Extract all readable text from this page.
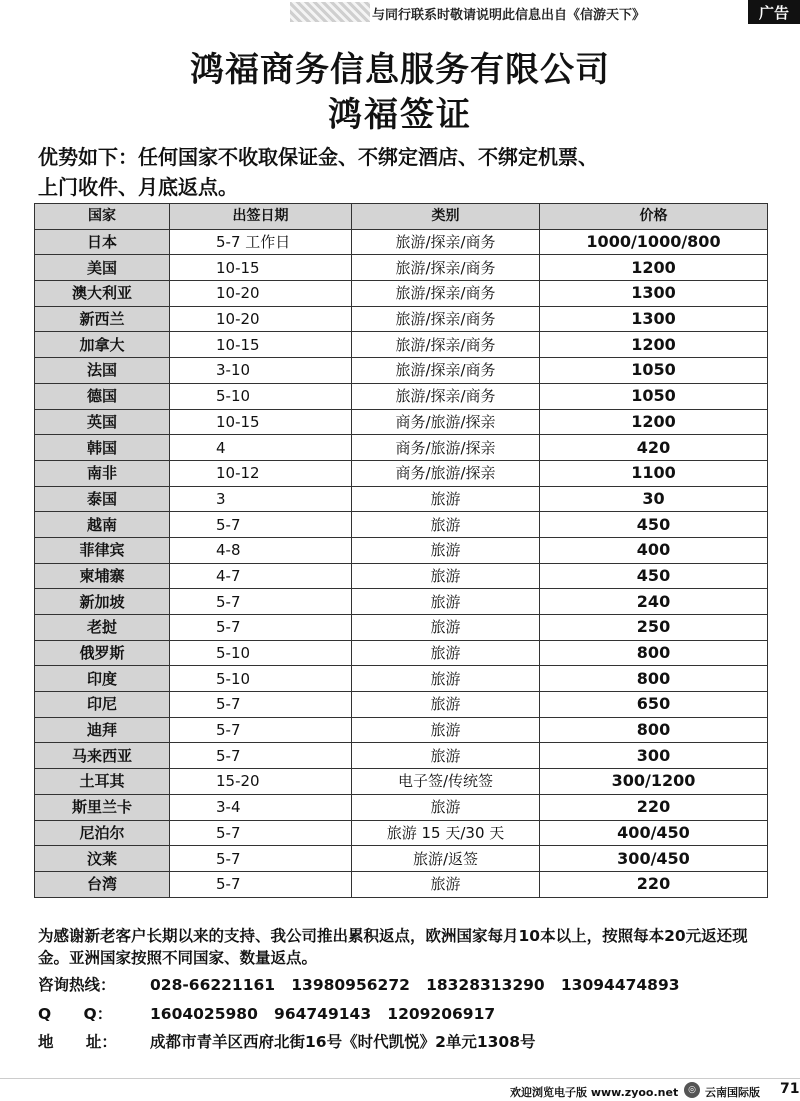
与同行联系时敬请说明此信息出自《信游天下》	广告
鸿福商务信息服务有限公司
鸿福签证
优势如下：任何国家不收取保证金、不绑定酒店、不绑定机票、
上门收件、月底返点。
国家	出签日期	类别	价格
日本	5-7 工作日	旅游/探亲/商务	1000/1000/800
美国	10-15	旅游/探亲/商务	1200
澳大利亚	10-20	旅游/探亲/商务	1300
新西兰	10-20	旅游/探亲/商务	1300
加拿大	10-15	旅游/探亲/商务	1200
法国	3-10	旅游/探亲/商务	1050
德国	5-10	旅游/探亲/商务	1050
英国	10-15	商务/旅游/探亲	1200
韩国	4	商务/旅游/探亲	420
南非	10-12	商务/旅游/探亲	1100
泰国	3	旅游	30
越南	5-7	旅游	450
菲律宾	4-8	旅游	400
柬埔寨	4-7	旅游	450
新加坡	5-7	旅游	240
老挝	5-7	旅游	250
俄罗斯	5-10	旅游	800
印度	5-10	旅游	800
印尼	5-7	旅游	650
迪拜	5-7	旅游	800
马来西亚	5-7	旅游	300
土耳其	15-20	电子签/传统签	300/1200
斯里兰卡	3-4	旅游	220
尼泊尔	5-7	旅游 15 天/30 天	400/450
汶莱	5-7	旅游/返签	300/450
台湾	5-7	旅游	220
为感谢新老客户长期以来的支持、我公司推出累积返点，欧洲国家每月10本以上，按照每本20元返还现金。亚洲国家按照不同国家、数量返点。
咨询热线： 028-66221161   13980956272   18328313290   13094474893
Q      Q： 1604025980   964749143   1209206917
地      址： 成都市青羊区西府北街16号《时代凯悦》2单元1308号
欢迎浏览电子版 www.zyoo.net	◎ 云南国际版 71
